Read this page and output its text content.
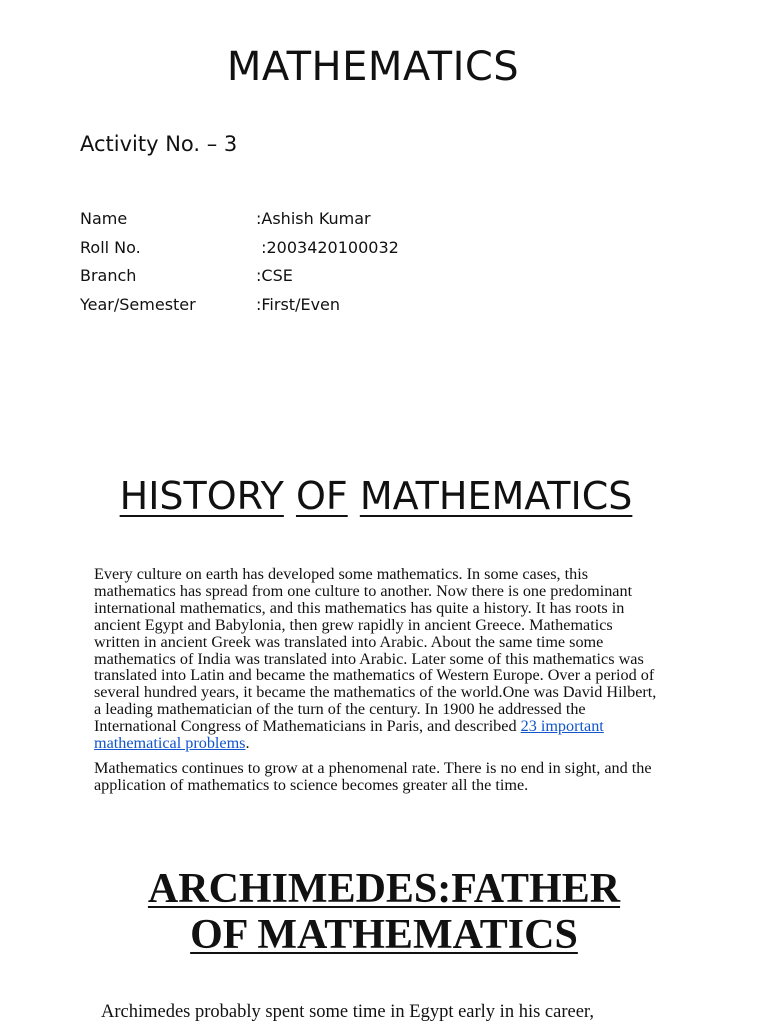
MATHEMATICS
Activity No. – 3
Name	:Ashish Kumar
Roll No.	:2003420100032
Branch	:CSE
Year/Semester	:First/Even
HISTORY OF MATHEMATICS

Every culture on earth has developed some mathematics. In some cases, this mathematics has spread from one culture to another. Now there is one predominant international mathematics, and this mathematics has quite a history. It has roots in ancient Egypt and Babylonia, then grew rapidly in ancient Greece. Mathematics written in ancient Greek was translated into Arabic. About the same time some mathematics of India was translated into Arabic. Later some of this mathematics was translated into Latin and became the mathematics of Western Europe. Over a period of several hundred years, it became the mathematics of the world.One was David Hilbert, a leading mathematician of the turn of the century. In 1900 he addressed the International Congress of Mathematicians in Paris, and described 23 important mathematical problems.

Mathematics continues to grow at a phenomenal rate. There is no end in sight, and the application of mathematics to science becomes greater all the time.

ARCHIMEDES:FATHER
OF MATHEMATICS
Archimedes probably spent some time in Egypt early in his career,
